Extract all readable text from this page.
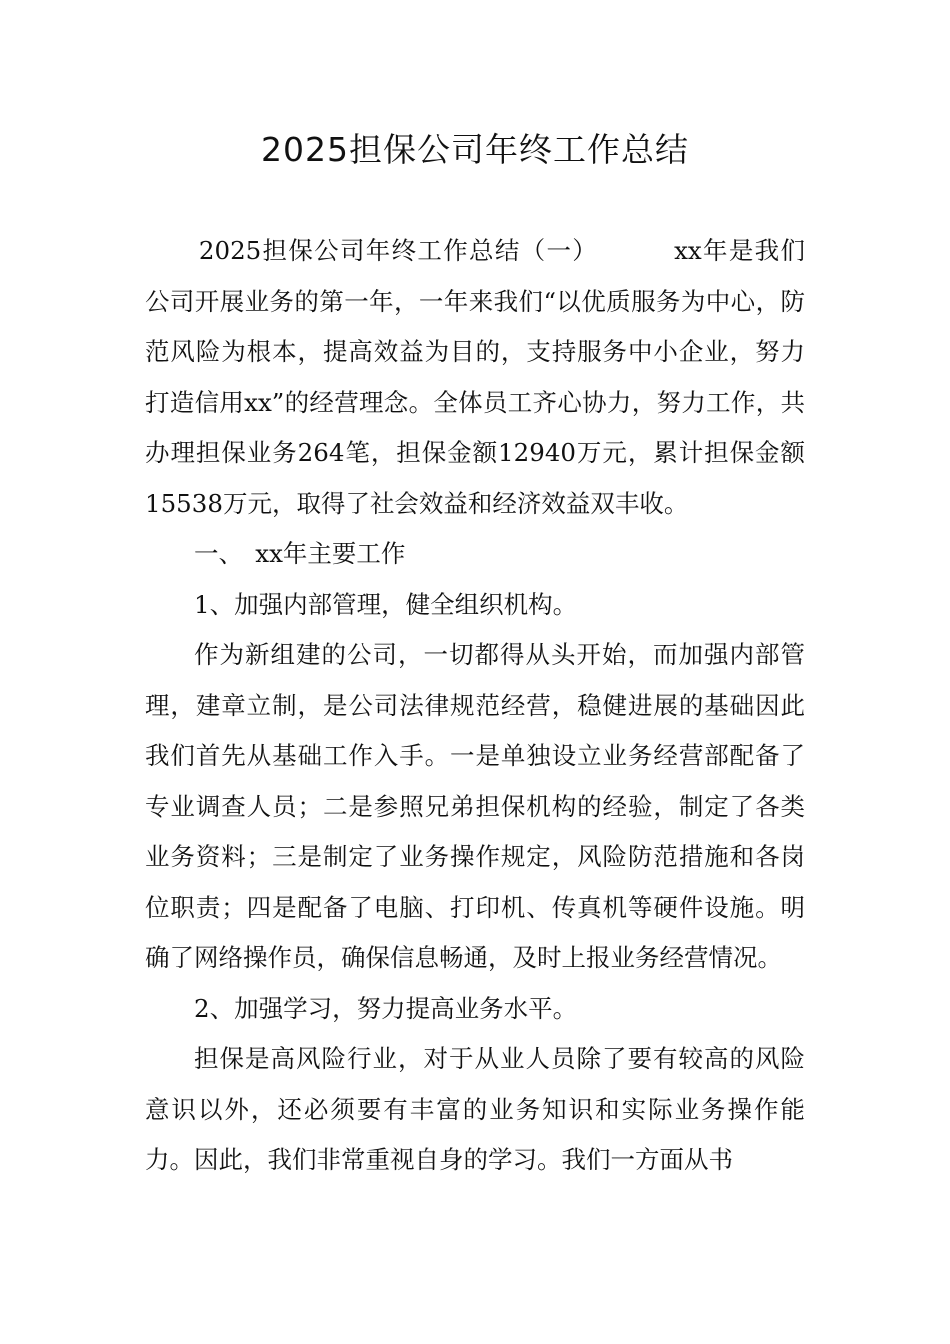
2025担保公司年终工作总结

2025担保公司年终工作总结（一）	xx年是我们公司开展业务的第一年，一年来我们“以优质服务为中心，防范风险为根本，提高效益为目的，支持服务中小企业，努力打造信用xx”的经营理念。全体员工齐心协力，努力工作，共办理担保业务264笔，担保金额12940万元，累计担保金额15538万元，取得了社会效益和经济效益双丰收。

一、　xx年主要工作

1、加强内部管理，健全组织机构。

作为新组建的公司，一切都得从头开始，而加强内部管理，建章立制，是公司法律规范经营，稳健进展的基础因此我们首先从基础工作入手。一是单独设立业务经营部配备了专业调查人员；二是参照兄弟担保机构的经验，制定了各类业务资料；三是制定了业务操作规定，风险防范措施和各岗位职责；四是配备了电脑、打印机、传真机等硬件设施。明确了网络操作员，确保信息畅通，及时上报业务经营情况。

2、加强学习，努力提高业务水平。

担保是高风险行业，对于从业人员除了要有较高的风险意识以外，还必须要有丰富的业务知识和实际业务操作能力。因此，我们非常重视自身的学习。我们一方面从书
